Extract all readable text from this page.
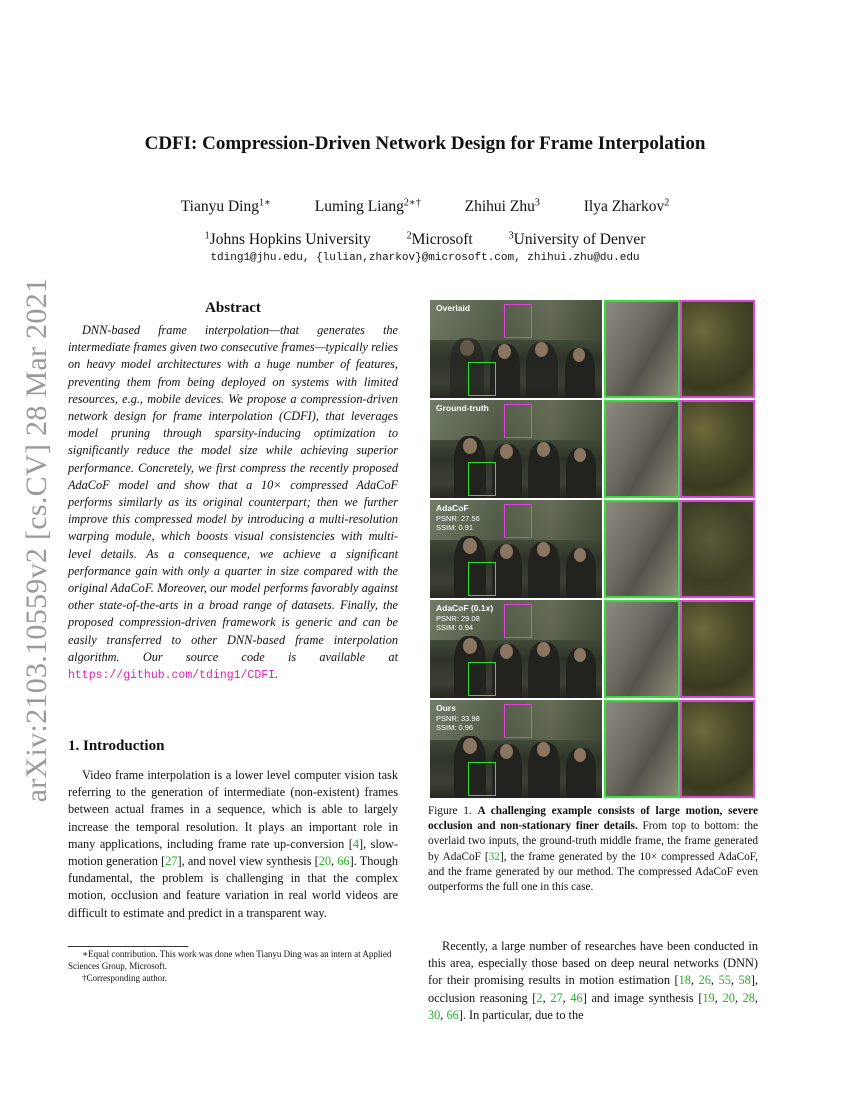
arXiv:2103.10559v2 [cs.CV] 28 Mar 2021
CDFI: Compression-Driven Network Design for Frame Interpolation
Tianyu Ding$^{1∗}$	Luming Liang$^{2∗\dagger}$	Zhihui Zhu$^3$	Ilya Zharkov$^2$
$^1$Johns Hopkins University	$^2$Microsoft	$^3$University of Denver
tding1@jhu.edu, {lulian,zharkov}@microsoft.com, zhihui.zhu@du.edu
Abstract
DNN-based frame interpolation—that generates the intermediate frames given two consecutive frames—typically relies on heavy model architectures with a huge number of features, preventing them from being deployed on systems with limited resources, e.g., mobile devices. We propose a compression-driven network design for frame interpolation (CDFI), that leverages model pruning through sparsity-inducing optimization to significantly reduce the model size while achieving superior performance. Concretely, we first compress the recently proposed AdaCoF model and show that a 10× compressed AdaCoF performs similarly as its original counterpart; then we further improve this compressed model by introducing a multi-resolution warping module, which boosts visual consistencies with multi-level details. As a consequence, we achieve a significant performance gain with only a quarter in size compared with the original AdaCoF. Moreover, our model performs favorably against other state-of-the-arts in a broad range of datasets. Finally, the proposed compression-driven framework is generic and can be easily transferred to other DNN-based frame interpolation algorithm. Our source code is available at https://github.com/tding1/CDFI.
1. Introduction
Video frame interpolation is a lower level computer vision task referring to the generation of intermediate (non-existent) frames between actual frames in a sequence, which is able to largely increase the temporal resolution. It plays an important role in many applications, including frame rate up-conversion [4], slow-motion generation [27], and novel view synthesis [20, 66]. Though fundamental, the problem is challenging in that the complex motion, occlusion and feature variation in real world videos are difficult to estimate and predict in a transparent way.
∗Equal contribution. This work was done when Tianyu Ding was an intern at Applied Sciences Group, Microsoft.
†Corresponding author.
Overlaid
Ground-truth
AdaCoF
PSNR: 27.56
SSIM: 0.91
AdaCoF (0.1x)
PSNR: 29.08
SSIM: 0.94
Ours
PSNR: 33.98
SSIM: 0.96
Figure 1. A challenging example consists of large motion, severe occlusion and non-stationary finer details. From top to bottom: the overlaid two inputs, the ground-truth middle frame, the frame generated by AdaCoF [32], the frame generated by the 10× compressed AdaCoF, and the frame generated by our method. The compressed AdaCoF even outperforms the full one in this case.
Recently, a large number of researches have been conducted in this area, especially those based on deep neural networks (DNN) for their promising results in motion estimation [18, 26, 55, 58], occlusion reasoning [2, 27, 46] and image synthesis [19, 20, 28, 30, 66]. In particular, due to the
